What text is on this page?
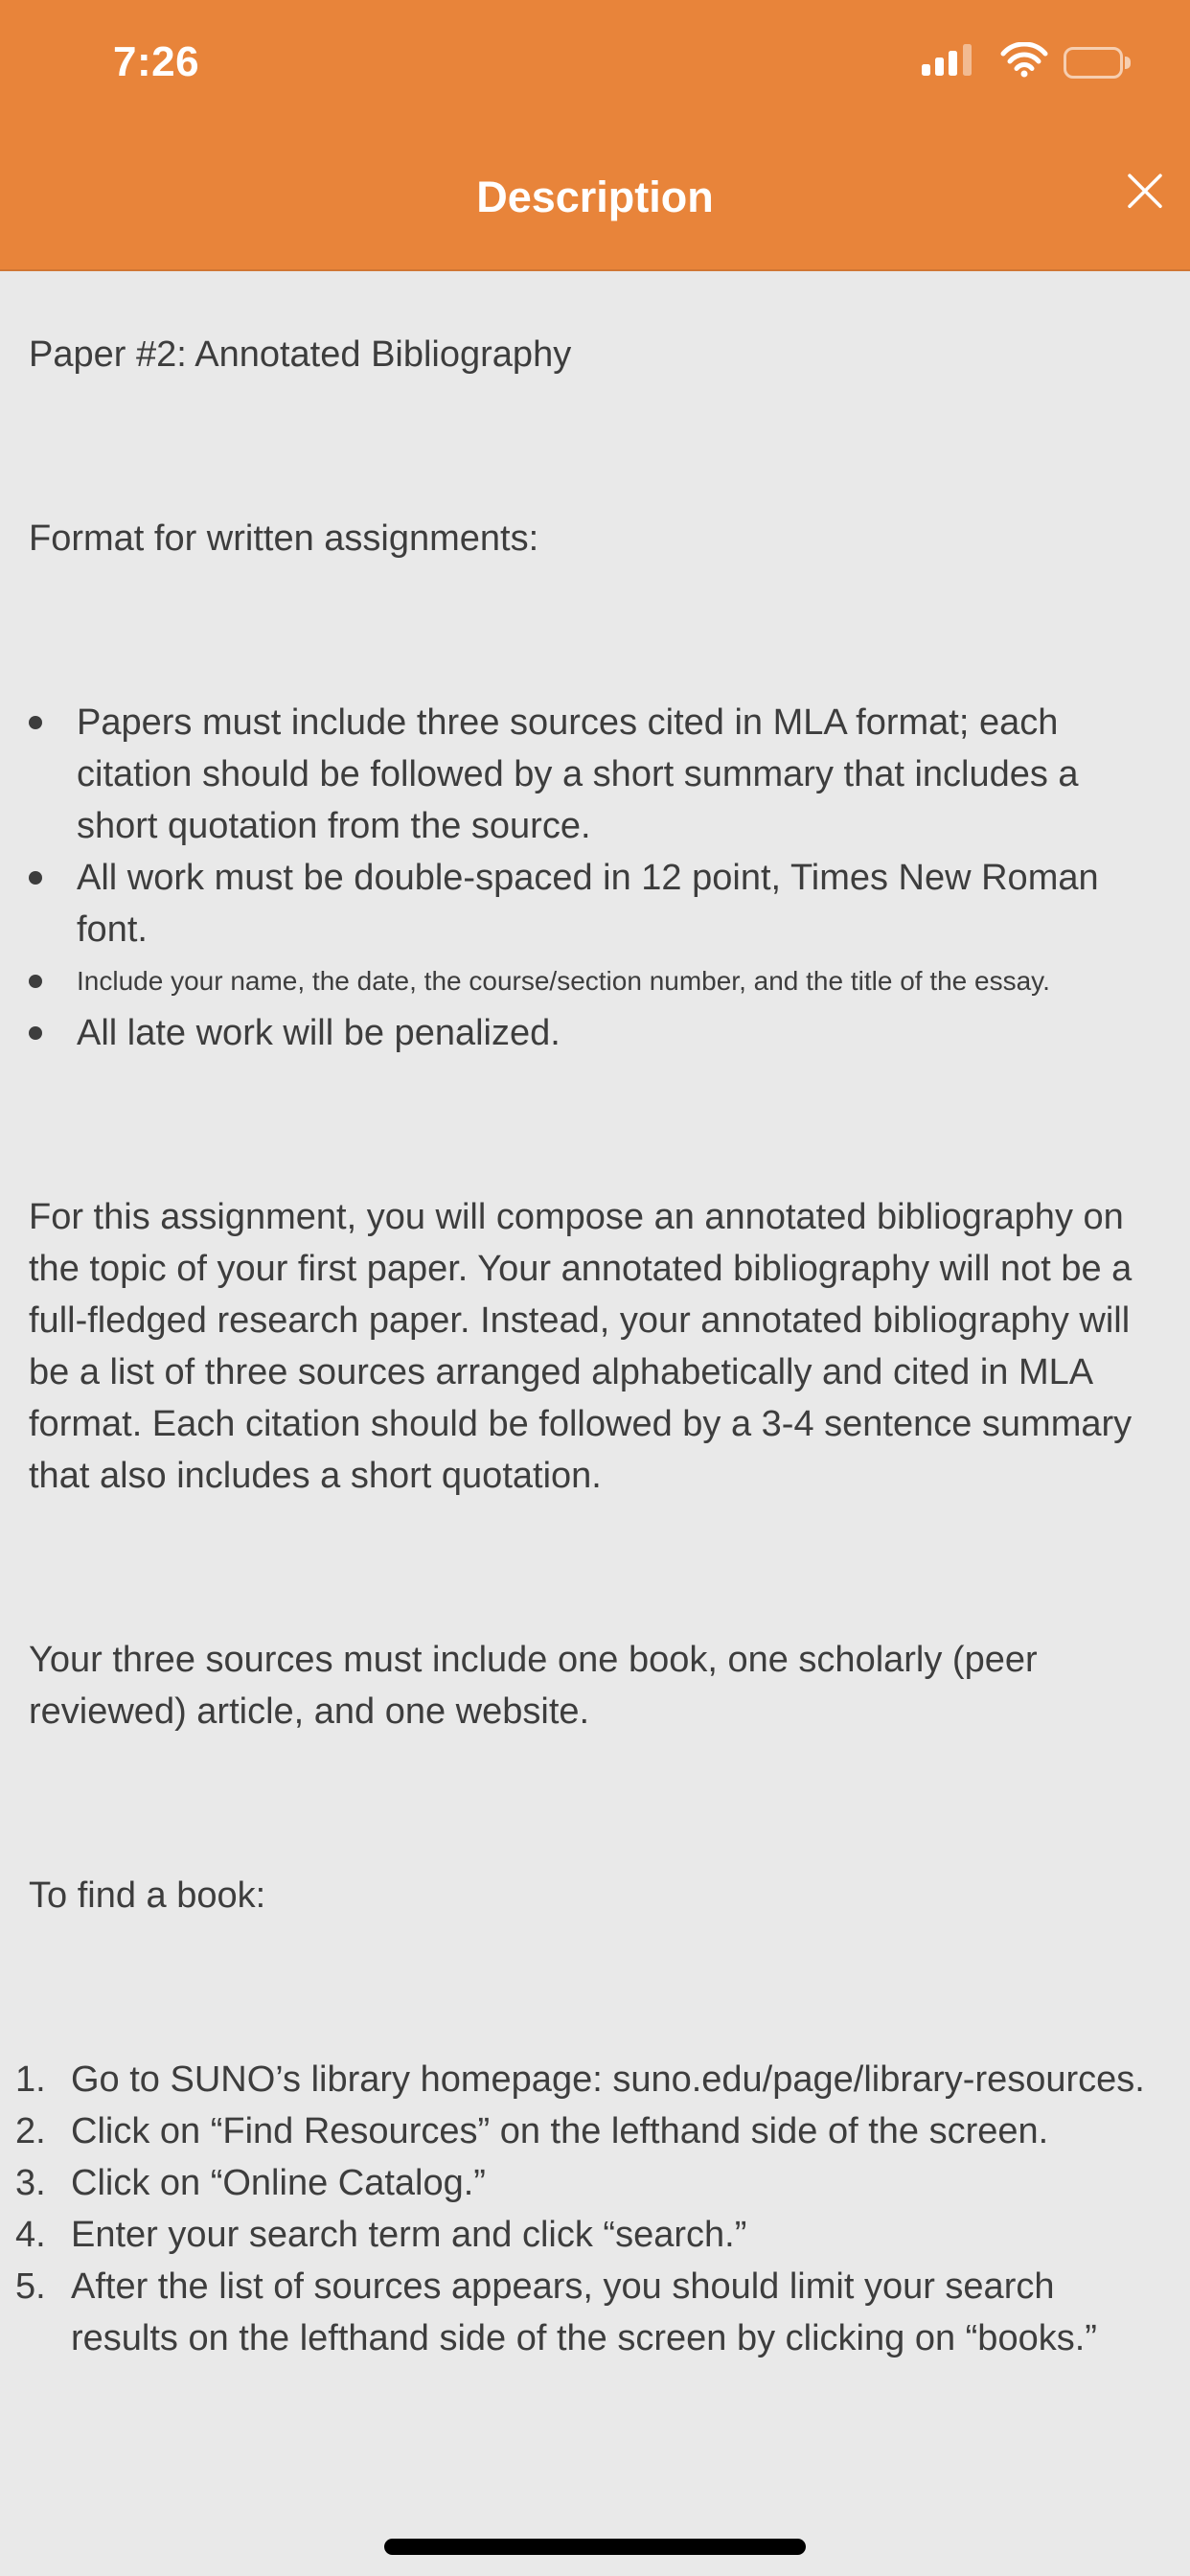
7:26
Description

Paper #2: Annotated Bibliography

Format for written assignments:

Papers must include three sources cited in MLA format; each citation should be followed by a short summary that includes a short quotation from the source.
All work must be double-spaced in 12 point, Times New Roman font.
Include your name, the date, the course/section number, and the title of the essay.
All late work will be penalized.

For this assignment, you will compose an annotated bibliography on the topic of your first paper. Your annotated bibliography will not be a full-fledged research paper. Instead, your annotated bibliography will be a list of three sources arranged alphabetically and cited in MLA format. Each citation should be followed by a 3-4 sentence summary that also includes a short quotation.

Your three sources must include one book, one scholarly (peer reviewed) article, and one website.

To find a book:

Go to SUNO’s library homepage: suno.edu/page/library-resources.
Click on “Find Resources” on the lefthand side of the screen.
Click on “Online Catalog.”
Enter your search term and click “search.”
After the list of sources appears, you should limit your search results on the lefthand side of the screen by clicking on “books.”
